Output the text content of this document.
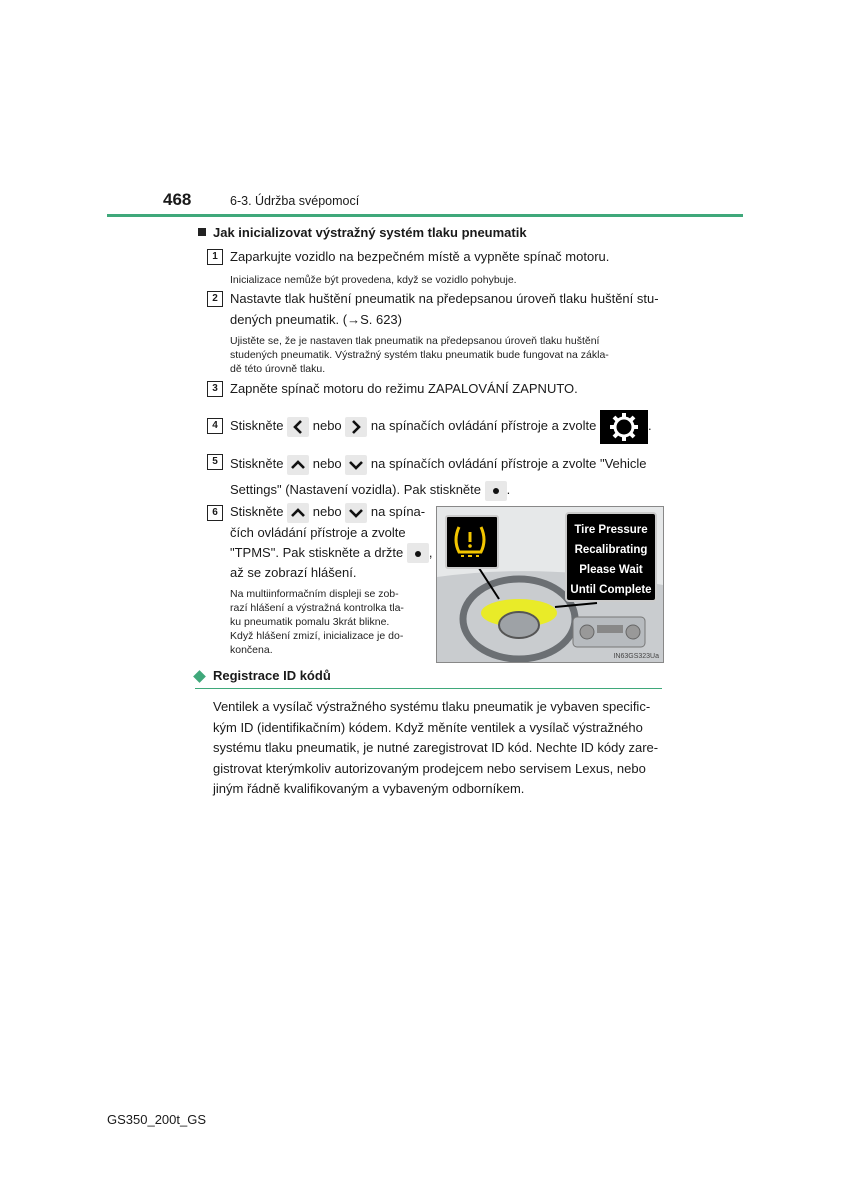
468	6-3. Údržba svépomocí
Jak inicializovat výstražný systém tlaku pneumatik
1 Zaparkujte vozidlo na bezpečném místě a vypněte spínač motoru.
Inicializace nemůže být provedena, když se vozidlo pohybuje.
2 Nastavte tlak huštění pneumatik na předepsanou úroveň tlaku huštění stu-
dených pneumatik. (→S. 623)
Ujistěte se, že je nastaven tlak pneumatik na předepsanou úroveň tlaku huštění
studených pneumatik. Výstražný systém tlaku pneumatik bude fungovat na zákla-
dě této úrovně tlaku.
3 Zapněte spínač motoru do režimu ZAPALOVÁNÍ ZAPNUTO.
4 Stiskněte nebo na spínačích ovládání přístroje a zvolte	.
5 Stiskněte nebo na spínačích ovládání přístroje a zvolte "Vehicle
Settings" (Nastavení vozidla). Pak stiskněte .
6 Stiskněte nebo na spína-
čích ovládání přístroje a zvolte
"TPMS". Pak stiskněte a držte ,
až se zobrazí hlášení.
Na multiinformačním displeji se zob-
razí hlášení a výstražná kontrolka tla-
ku pneumatik pomalu 3krát blikne.
Když hlášení zmizí, inicializace je do-
končena.
Tire Pressure
Recalibrating
Please Wait
Until Complete
IN63GS323Ua
Registrace ID kódů
Ventilek a vysílač výstražného systému tlaku pneumatik je vybaven specific-
kým ID (identifikačním) kódem. Když měníte ventilek a vysílač výstražného
systému tlaku pneumatik, je nutné zaregistrovat ID kód. Nechte ID kódy zare-
gistrovat kterýmkoliv autorizovaným prodejcem nebo servisem Lexus, nebo
jiným řádně kvalifikovaným a vybaveným odborníkem.
GS350_200t_GS
